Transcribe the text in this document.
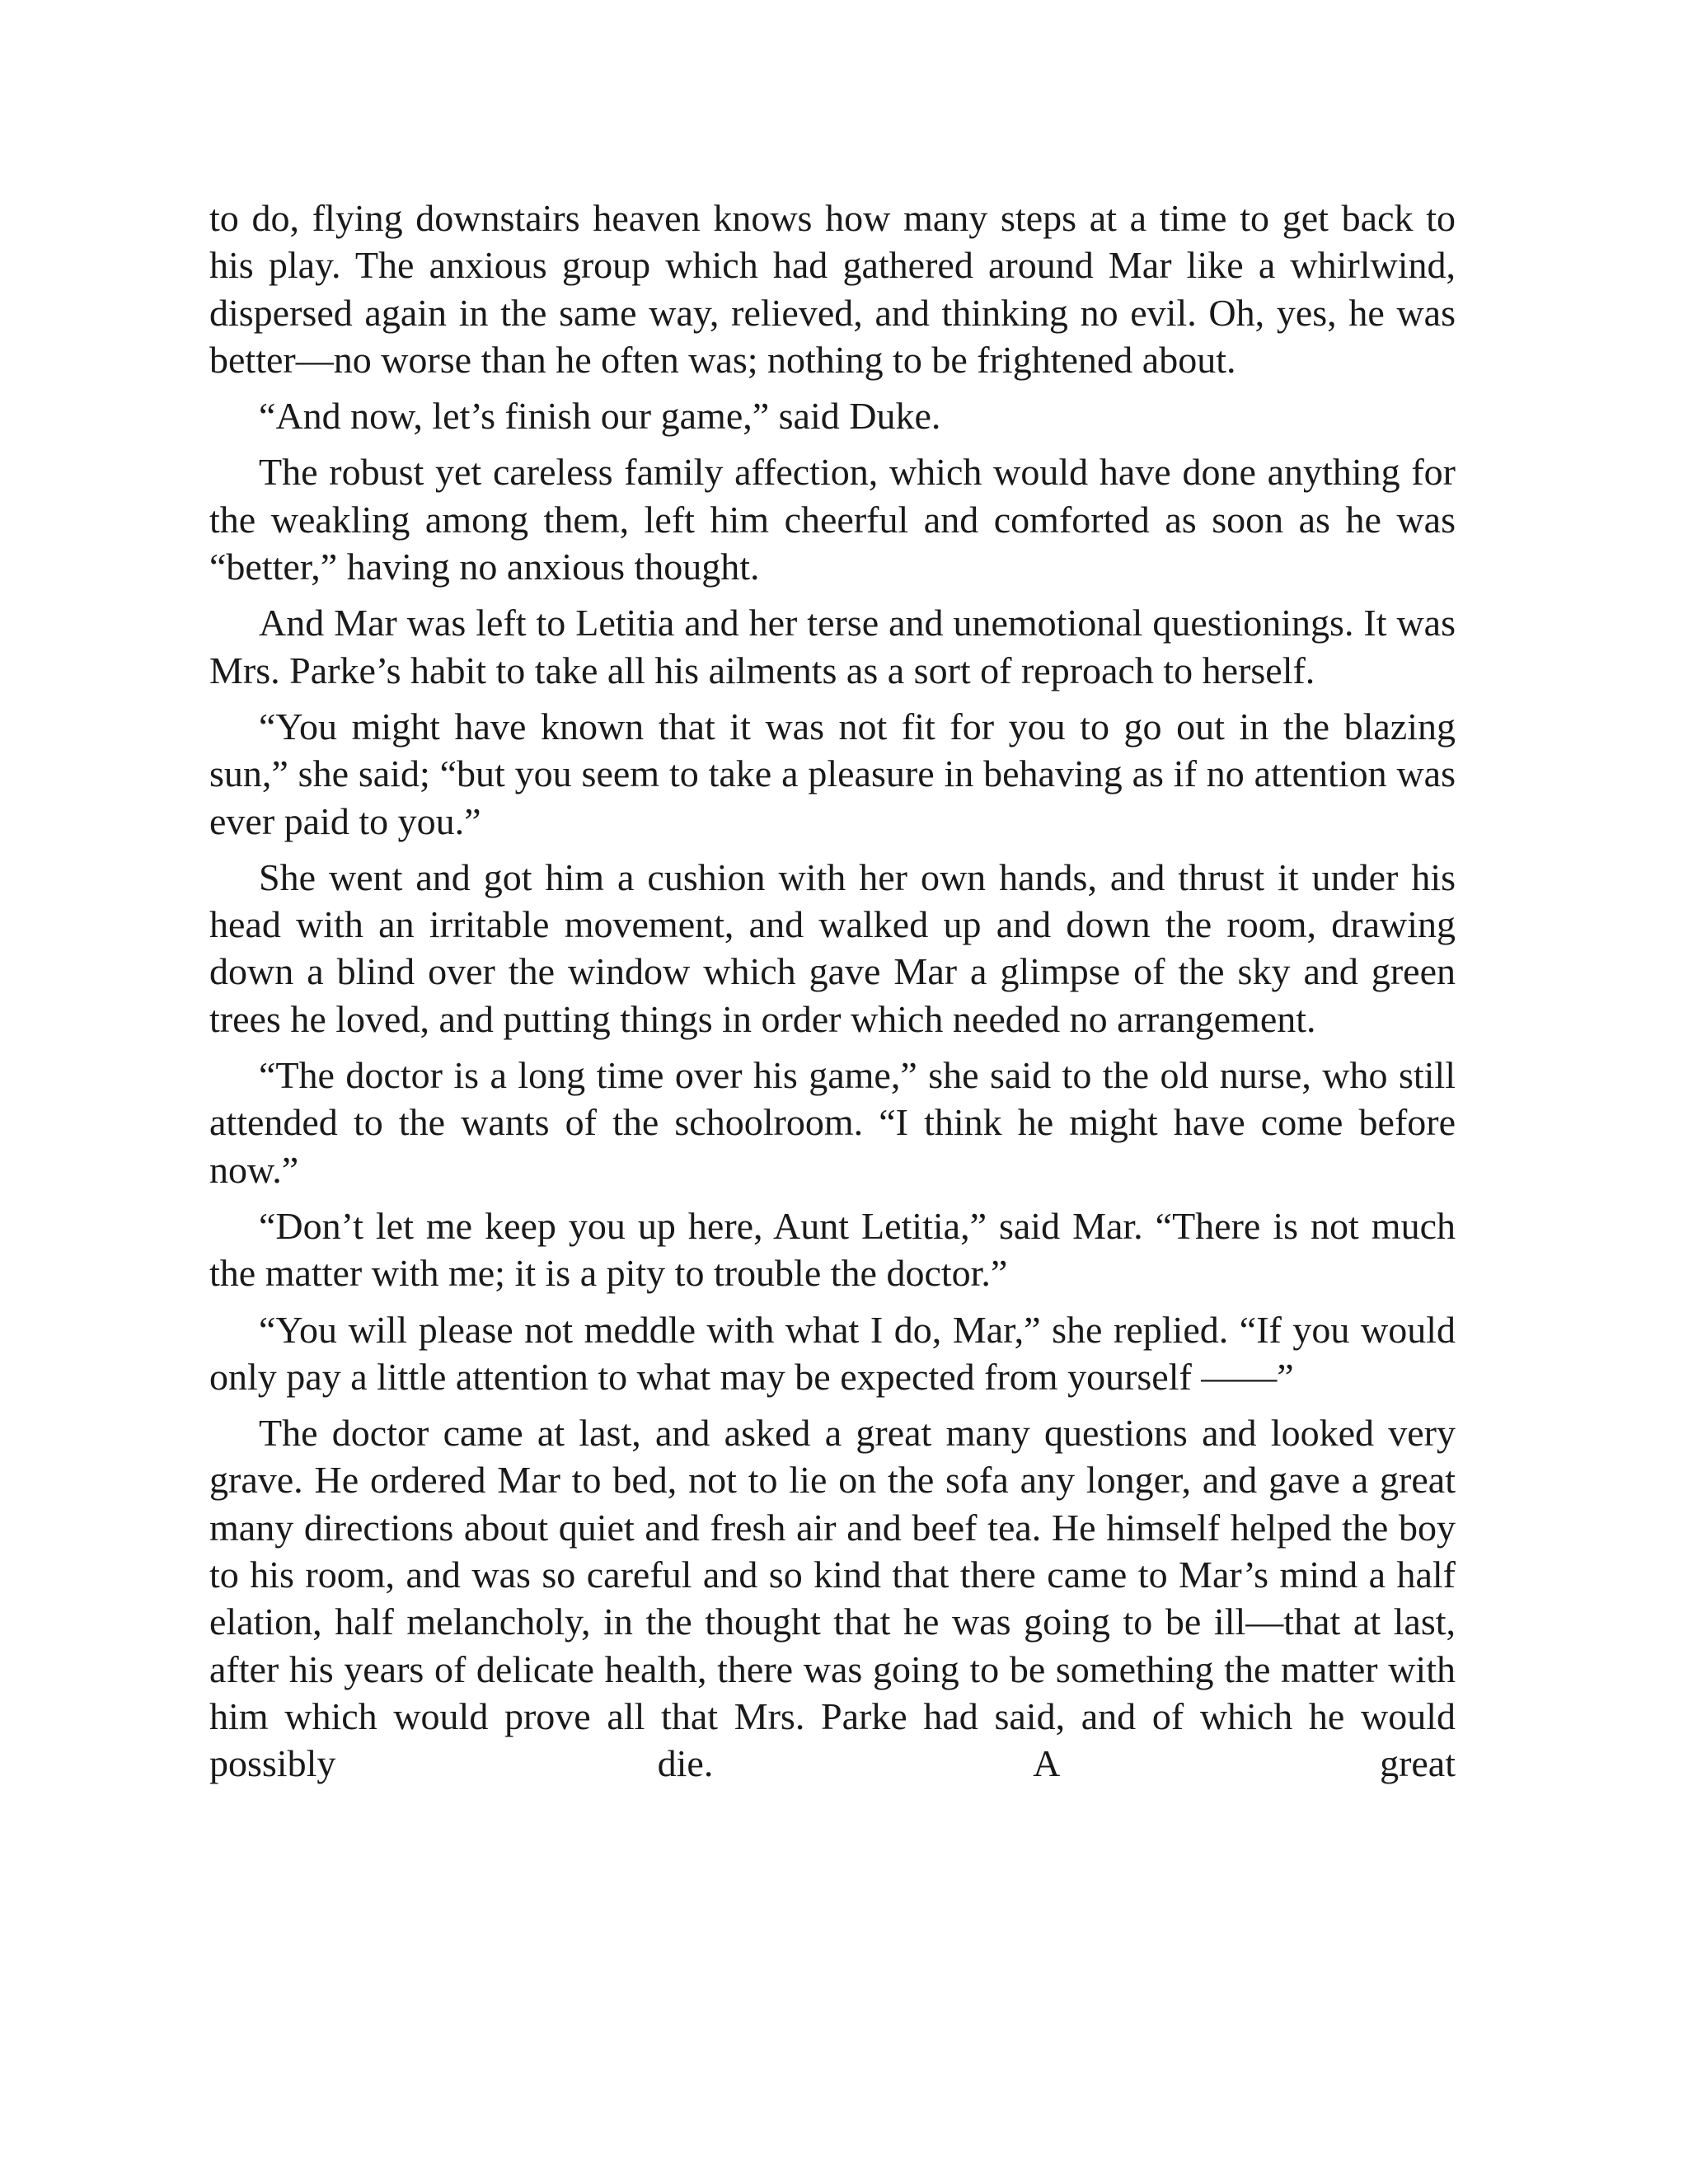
to do, flying downstairs heaven knows how many steps at a time to get back to his play. The anxious group which had gathered around Mar like a whirlwind, dispersed again in the same way, relieved, and thinking no evil. Oh, yes, he was better—no worse than he often was; nothing to be frightened about.

“And now, let’s finish our game,” said Duke.

The robust yet careless family affection, which would have done anything for the weakling among them, left him cheerful and comforted as soon as he was “better,” having no anxious thought.

And Mar was left to Letitia and her terse and unemotional questionings. It was Mrs. Parke’s habit to take all his ailments as a sort of reproach to herself.

“You might have known that it was not fit for you to go out in the blazing sun,” she said; “but you seem to take a pleasure in behaving as if no attention was ever paid to you.”

She went and got him a cushion with her own hands, and thrust it under his head with an irritable movement, and walked up and down the room, drawing down a blind over the window which gave Mar a glimpse of the sky and green trees he loved, and putting things in order which needed no arrangement.

“The doctor is a long time over his game,” she said to the old nurse, who still attended to the wants of the schoolroom. “I think he might have come before now.”

“Don’t let me keep you up here, Aunt Letitia,” said Mar. “There is not much the matter with me; it is a pity to trouble the doctor.”

“You will please not meddle with what I do, Mar,” she replied. “If you would only pay a little attention to what may be expected from yourself ——”

The doctor came at last, and asked a great many questions and looked very grave. He ordered Mar to bed, not to lie on the sofa any longer, and gave a great many directions about quiet and fresh air and beef tea. He himself helped the boy to his room, and was so careful and so kind that there came to Mar’s mind a half elation, half melancholy, in the thought that he was going to be ill—that at last, after his years of delicate health, there was going to be something the matter with him which would prove all that Mrs. Parke had said, and of which he would possibly die. A great
